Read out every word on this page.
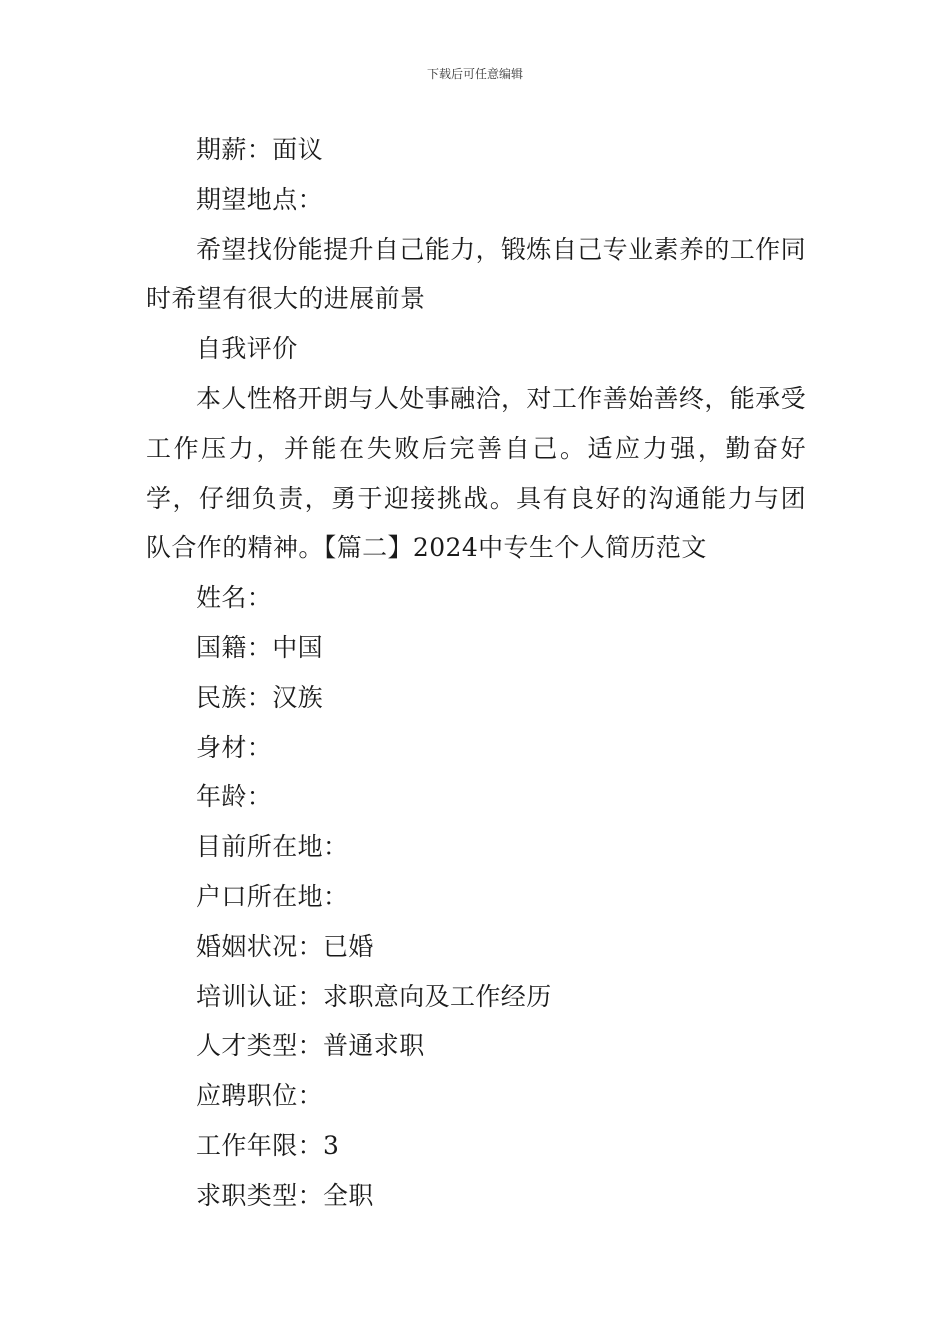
下载后可任意编辑

期薪：面议

期望地点：

希望找份能提升自己能力，锻炼自己专业素养的工作同时希望有很大的进展前景

自我评价

本人性格开朗与人处事融洽，对工作善始善终，能承受工作压力，并能在失败后完善自己。适应力强，勤奋好学，仔细负责，勇于迎接挑战。具有良好的沟通能力与团队合作的精神。【篇二】2024中专生个人简历范文

姓名：

国籍：中国

民族：汉族

身材：

年龄：

目前所在地：

户口所在地：

婚姻状况：已婚

培训认证：求职意向及工作经历

人才类型：普通求职

应聘职位：

工作年限：3

求职类型：全职
